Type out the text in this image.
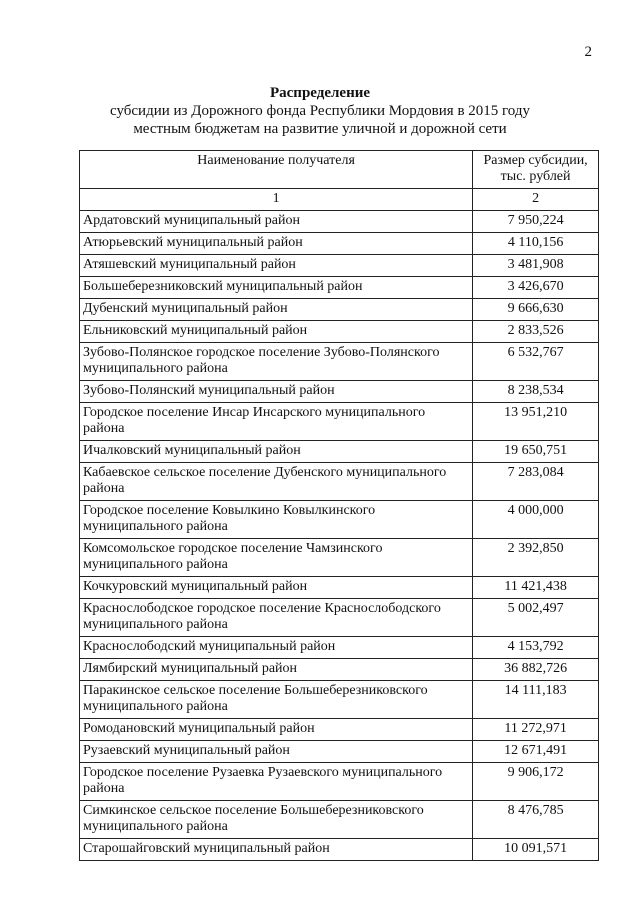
2
Распределение
субсидии из Дорожного фонда Республики Мордовия в 2015 году
местным бюджетам на развитие уличной и дорожной сети
Наименование получателя	Размер субсидии, тыс. рублей
1	2
Ардатовский муниципальный район	7 950,224
Атюрьевский муниципальный район	4 110,156
Атяшевский муниципальный район	3 481,908
Большеберезниковский муниципальный район	3 426,670
Дубенский муниципальный район	9 666,630
Ельниковский муниципальный район	2 833,526
Зубово-Полянское городское поселение Зубово-Полянского муниципального района	6 532,767
Зубово-Полянский муниципальный район	8 238,534
Городское поселение Инсар Инсарского муниципального района	13 951,210
Ичалковский муниципальный район	19 650,751
Кабаевское сельское поселение Дубенского муниципального района	7 283,084
Городское поселение Ковылкино Ковылкинского муниципального района	4 000,000
Комсомольское городское поселение Чамзинского муниципального района	2 392,850
Кочкуровский муниципальный район	11 421,438
Краснослободское городское поселение Краснослободского муниципального района	5 002,497
Краснослободский муниципальный район	4 153,792
Лямбирский муниципальный район	36 882,726
Паракинское сельское поселение Большеберезниковского муниципального района	14 111,183
Ромодановский муниципальный район	11 272,971
Рузаевский муниципальный район	12 671,491
Городское поселение Рузаевка Рузаевского муниципального района	9 906,172
Симкинское сельское поселение Большеберезниковского муниципального района	8 476,785
Старошайговский муниципальный район	10 091,571
